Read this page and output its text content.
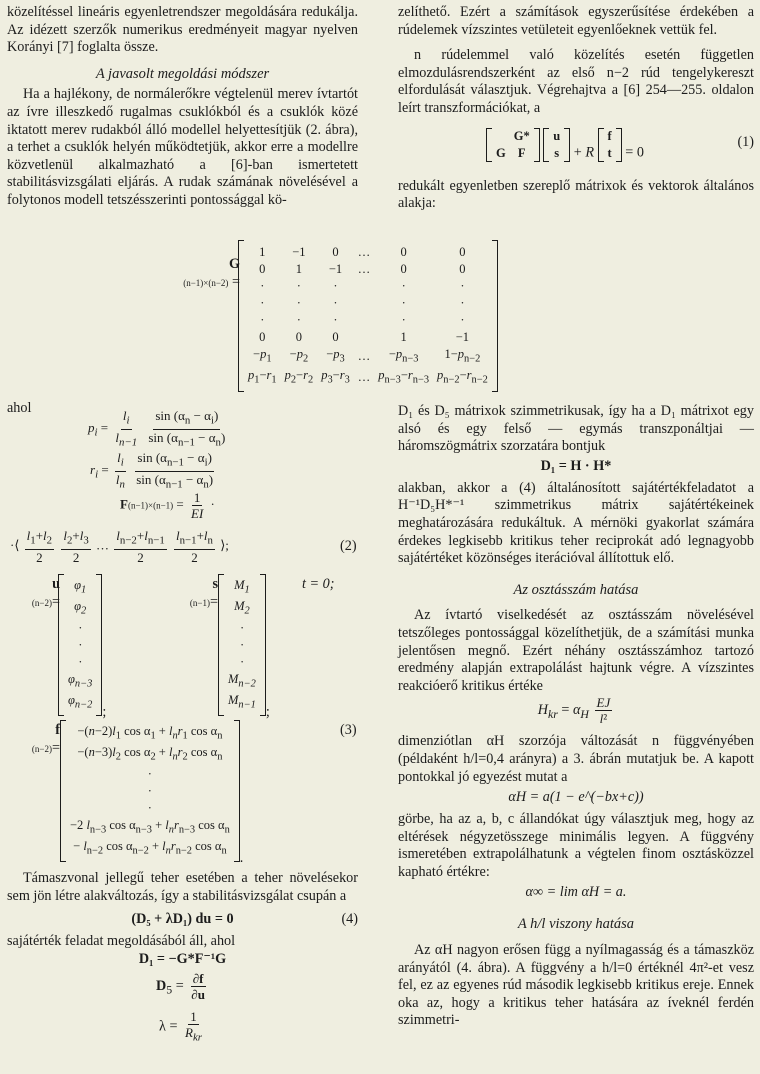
közelítéssel lineáris egyenletrendszer megoldására redukálja. Az idézett szerzők numerikus eredményeit magyar nyelven Korányi [7] foglalta össze.

A javasolt megoldási módszer

Ha a hajlékony, de normálerőkre végtelenül merev ívtartót az ívre illeszkedő rugalmas csuklókból és a csuklók közé iktatott merev rudakból álló modellel helyettesítjük (2. ábra), a terhet a csuklók helyén működtetjük, akkor erre a modellre közvetlenül alkalmazható a [6]-ban ismertetett stabilitásvizsgálati eljárás. A rudak számának növelésével a folytonos modell tetszésszerinti pontossággal kö-

zelíthető. Ezért a számítások egyszerűsítése érdekében a rúdelemek vízszintes vetületeit egyenlőeknek vettük fel.

n rúdelemmel való közelítés esetén független elmozdulásrendszerként az első n−2 rúd tengelykereszt elfordulását választjuk. Végrehajtva a [6] 254—255. oldalon leírt transzformációkat, a

	G*
G	F

u
s + R
f
t = 0
(1)

redukált egyenletben szereplő mátrixok és vektorok általános alakja:

G
(n−1)×(n−2) =
1	−1	0	…	0	0
0	1	−1	…	0	0
·	·	·		·	·
·	·	·		·	·
·	·	·		·	·
0	0	0		1	−1
$-p_1$	$-p_2$	$-p_3$	…	$-p_{n-3}$	$1-p_{n-2}$
$p_1-r_1$	$p_2-r_2$	$p_3-r_3$	…	$p_{n-3}-r_{n-3}$	$p_{n-2}-r_{n-2}$
ahol
$p_i = \frac{l_i}{l_{n-1}}$
$\frac{\sin (\alpha_n - \alpha_i)}{\sin (\alpha_{n-1} - \alpha_n)}$
$r_i = \frac{l_i}{l_n}$
$\frac{\sin (\alpha_{n-1} - \alpha_i)}{\sin (\alpha_{n-1} - \alpha_n)}$
$F(n-1)\times(n-1) = \frac{1}{EI}$ ·
·⟨ $\frac{l_1+l_2}{2}$
$\frac{l_2+l_3}{2}$ … $\frac{l_{n-2}+l_{n-1}}{2}$
$\frac{l_{n-1}+l_n}{2}$ ⟩;	(2)
u
(n−2)=
$\varphi_1$
$\varphi_2$
·
·
·
$\varphi_{n-3}$
$\varphi_{n-2}$ ;
s
(n−1)=
$M_1$
$M_2$
·
·
·
$M_{n-2}$
$M_{n-1}$ ;
t = 0;
f
(n−2)=
$-(n-2)l_1$ $\cos \alpha_1 + l_nr_1$ $\cos \alpha_n$
$-(n-3)l_2$ $\cos \alpha_2 + l_nr_2$ $\cos \alpha_n$
·
·
·
−2 $l_{n-3}$ $\cos \alpha_{n-3} + l_nr_{n-3}$ $\cos \alpha_n$
− $l_{n-2}$ $\cos \alpha_{n-2} + l_nr_{n-2}$ $\cos \alpha_n$ .
(3)

Támaszvonal jellegű teher esetében a teher növelésekor sem jön létre alakváltozás, így a stabilitásvizsgálat csupán a

(D₅ + λD₁) du = 0	(4)

sajátérték feladat megoldásából áll, ahol

D₁ = −G*F⁻¹G
$D_5 = \frac{\partial f}{\partial u}$
$\lambda = \frac{1}{R_{kr}}$

D₁ és D₅ mátrixok szimmetrikusak, így ha a D₁ mátrixot egy alsó és egy felső — egymás transzponáltjai — háromszögmátrix szorzatára bontjuk

D₁ = H · H*

alakban, akkor a (4) általánosított sajátértékfeladatot a H⁻¹D₅H*⁻¹ szimmetrikus mátrix sajátértékeinek meghatározására redukáltuk. A mérnöki gyakorlat számára érdekes legkisebb kritikus teher reciprokát adó legnagyobb sajátértéket közönséges iterációval állítottuk elő.

Az osztásszám hatása

Az ívtartó viselkedését az osztásszám növelésével tetszőleges pontossággal közelíthetjük, de a számítási munka jelentősen megnő. Ezért néhány osztásszámhoz tartozó eredmény alapján extrapolálást hajtunk végre. A vízszintes reakcióerő kritikus értéke

$H_{kr} = \alpha_H \frac{EJ}{\text{l²}}$

dimenziótlan αH szorzója változását n függvényében (példaként h/l=0,4 arányra) a 3. ábrán mutatjuk be. A kapott pontokkal jó egyezést mutat a

αH = a(1 − e^(−bx+c))

görbe, ha az a, b, c állandókat úgy választjuk meg, hogy az eltérések négyzetösszege minimális legyen. A függvény ismeretében extrapolálhatunk a végtelen finom osztásközzel kapható értékre:

α∞ = lim αH = a.
A h/l viszony hatása

Az αH nagyon erősen függ a nyílmagasság és a támaszköz arányától (4. ábra). A függvény a h/l=0 értéknél 4π²-et vesz fel, ez az egyenes rúd második legkisebb kritikus ereje. Ennek oka az, hogy a kritikus teher hatására az íveknél ferdén szimmetri-
